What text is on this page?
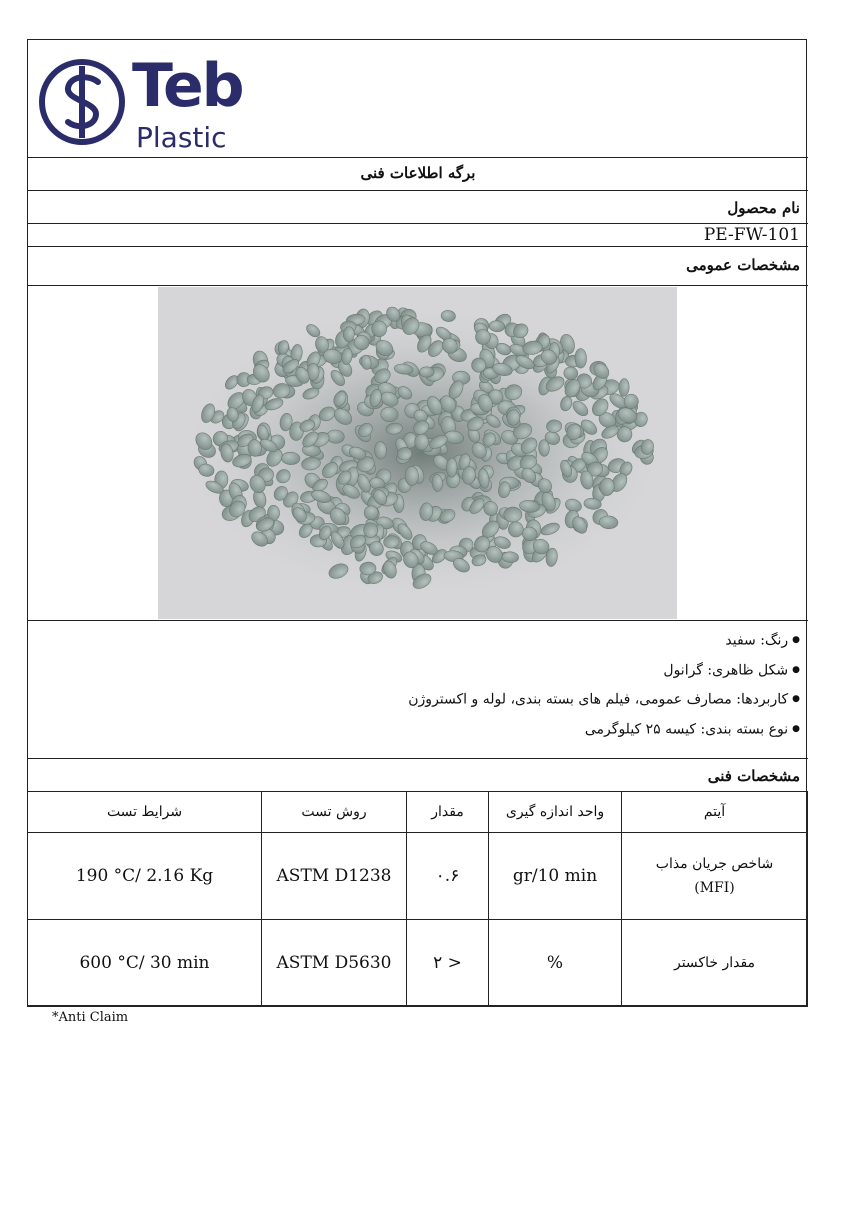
Teb
Plastic
برگه اطلاعات فنی
نام محصول
PE-FW-101
مشخصات عمومی
● رنگ: سفید
● شکل ظاهری: گرانول
● کاربردها: مصارف عمومی، فیلم های بسته بندی، لوله و اکستروژن
● نوع بسته بندی: کیسه ۲۵ کیلوگرمی
مشخصات فنی
آیتم	واحد اندازه گیری	مقدار	روش تست	شرایط تست

شاخص جریان مذاب
(MFI)	gr/10 min	۰.۶	ASTM D1238	190 °C/ 2.16 Kg

مقدار خاکستر	%	< ۲	ASTM D5630	600 °C/ 30 min
*Anti Claim
